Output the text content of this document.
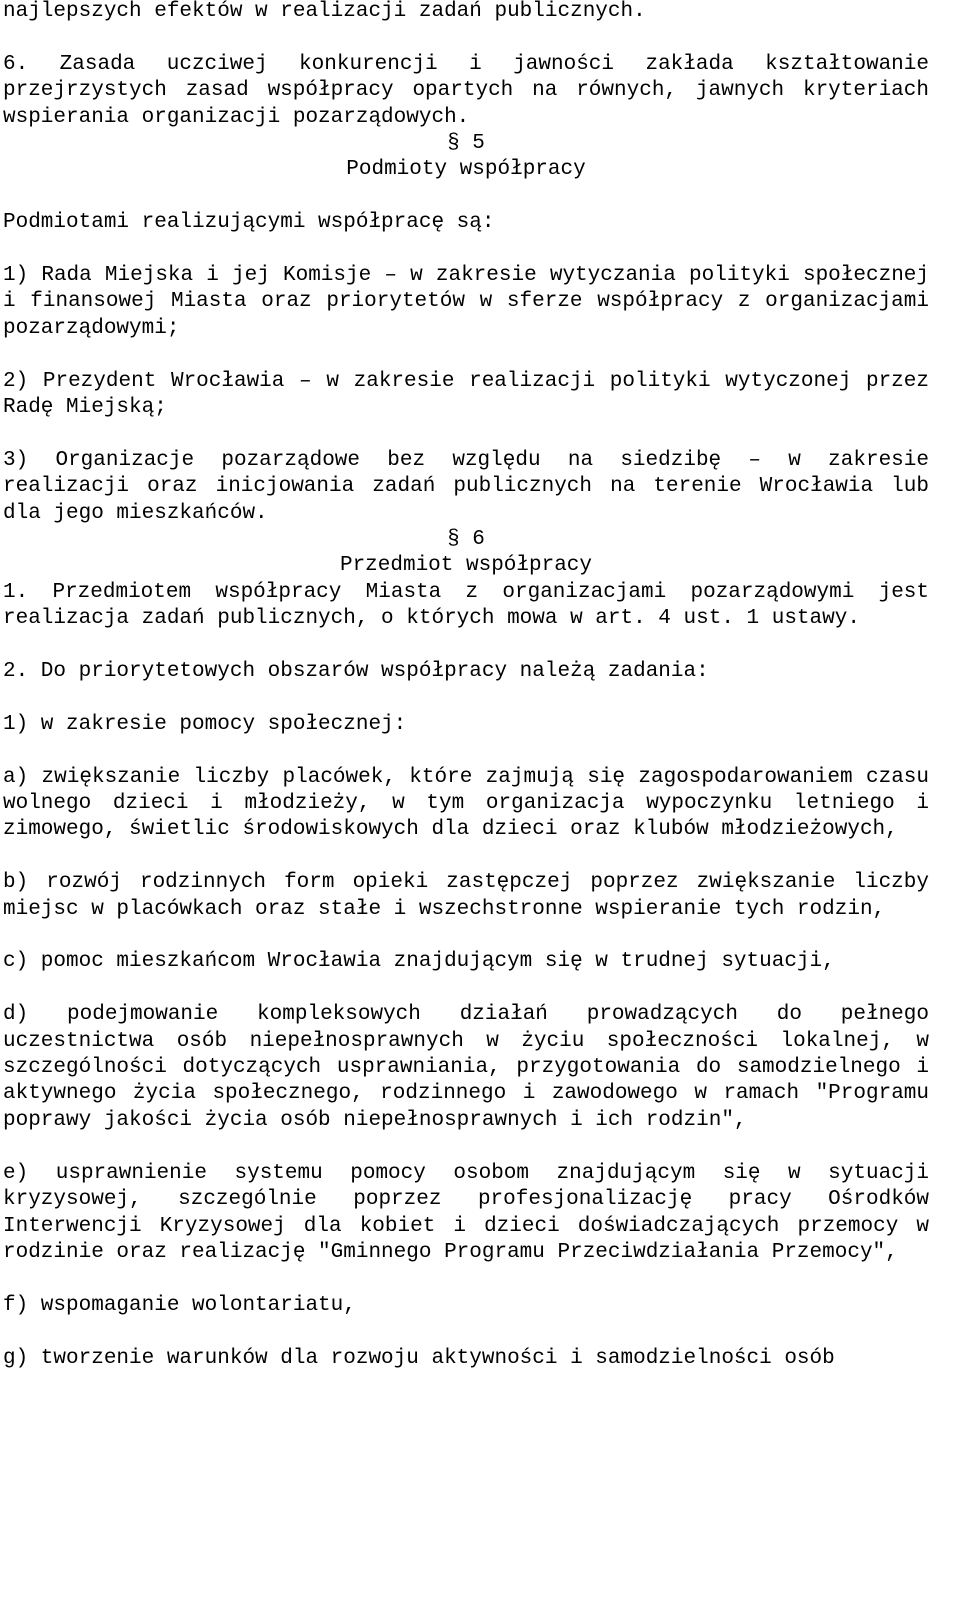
najlepszych efektów w realizacji zadań publicznych.

6. Zasada uczciwej konkurencji i jawności zakłada kształtowanie przejrzystych zasad współpracy opartych na równych, jawnych kryteriach wspierania organizacji pozarządowych.

§ 5

Podmioty współpracy

Podmiotami realizującymi współpracę są:

1) Rada Miejska i jej Komisje – w zakresie wytyczania polityki społecznej i finansowej Miasta oraz priorytetów w sferze współpracy z organizacjami pozarządowymi;

2) Prezydent Wrocławia – w zakresie realizacji polityki wytyczonej przez Radę Miejską;

3) Organizacje pozarządowe bez względu na siedzibę – w zakresie realizacji oraz inicjowania zadań publicznych na terenie Wrocławia lub dla jego mieszkańców.

§ 6

Przedmiot współpracy

1. Przedmiotem współpracy Miasta z organizacjami pozarządowymi jest realizacja zadań publicznych, o których mowa w art. 4 ust. 1 ustawy.

2. Do priorytetowych obszarów współpracy należą zadania:

1) w zakresie pomocy społecznej:

a) zwiększanie liczby placówek, które zajmują się zagospodarowaniem czasu wolnego dzieci i młodzieży, w tym organizacja wypoczynku letniego i zimowego, świetlic środowiskowych dla dzieci oraz klubów młodzieżowych,

b) rozwój rodzinnych form opieki zastępczej poprzez zwiększanie liczby miejsc w placówkach oraz stałe i wszechstronne wspieranie tych rodzin,

c) pomoc mieszkańcom Wrocławia znajdującym się w trudnej sytuacji,

d) podejmowanie kompleksowych działań prowadzących do pełnego uczestnictwa osób niepełnosprawnych w życiu społeczności lokalnej, w szczególności dotyczących usprawniania, przygotowania do samodzielnego i aktywnego życia społecznego, rodzinnego i zawodowego w ramach "Programu poprawy jakości życia osób niepełnosprawnych i ich rodzin",

e) usprawnienie systemu pomocy osobom znajdującym się w sytuacji kryzysowej, szczególnie poprzez profesjonalizację pracy Ośrodków Interwencji Kryzysowej dla kobiet i dzieci doświadczających przemocy w rodzinie oraz realizację "Gminnego Programu Przeciwdziałania Przemocy",

f) wspomaganie wolontariatu,

g) tworzenie warunków dla rozwoju aktywności i samodzielności osób
